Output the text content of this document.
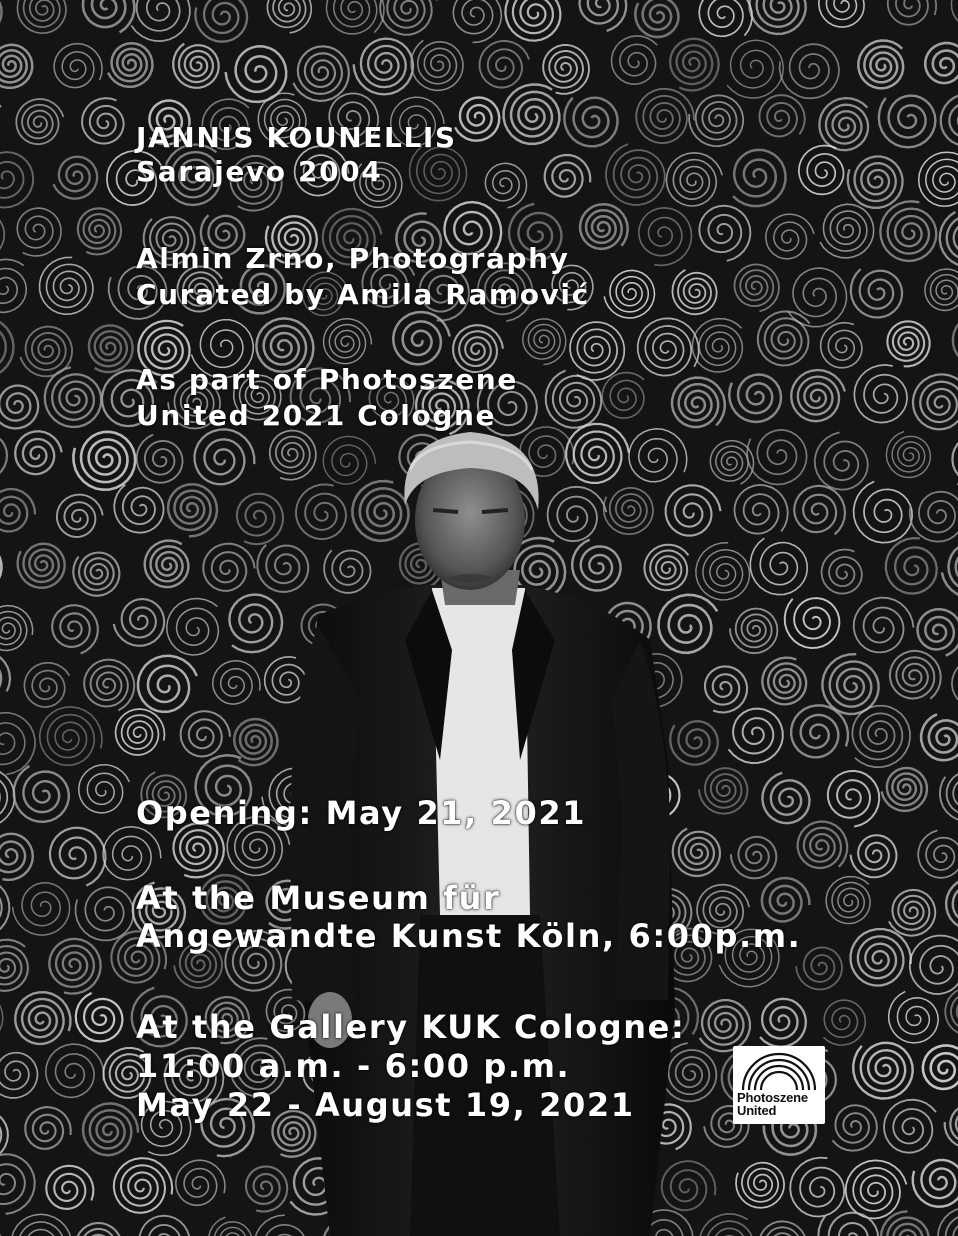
JANNIS KOUNELLIS
Sarajevo 2004
Almin Zrno, Photography
Curated by Amila Ramović
As part of Photoszene
United 2021 Cologne
Opening: May 21, 2021
At the Museum für
Angewandte Kunst Köln, 6:00p.m.
At the Gallery KUK Cologne:
11:00 a.m. - 6:00 p.m.
May 22 - August 19, 2021	Photoszene
United
